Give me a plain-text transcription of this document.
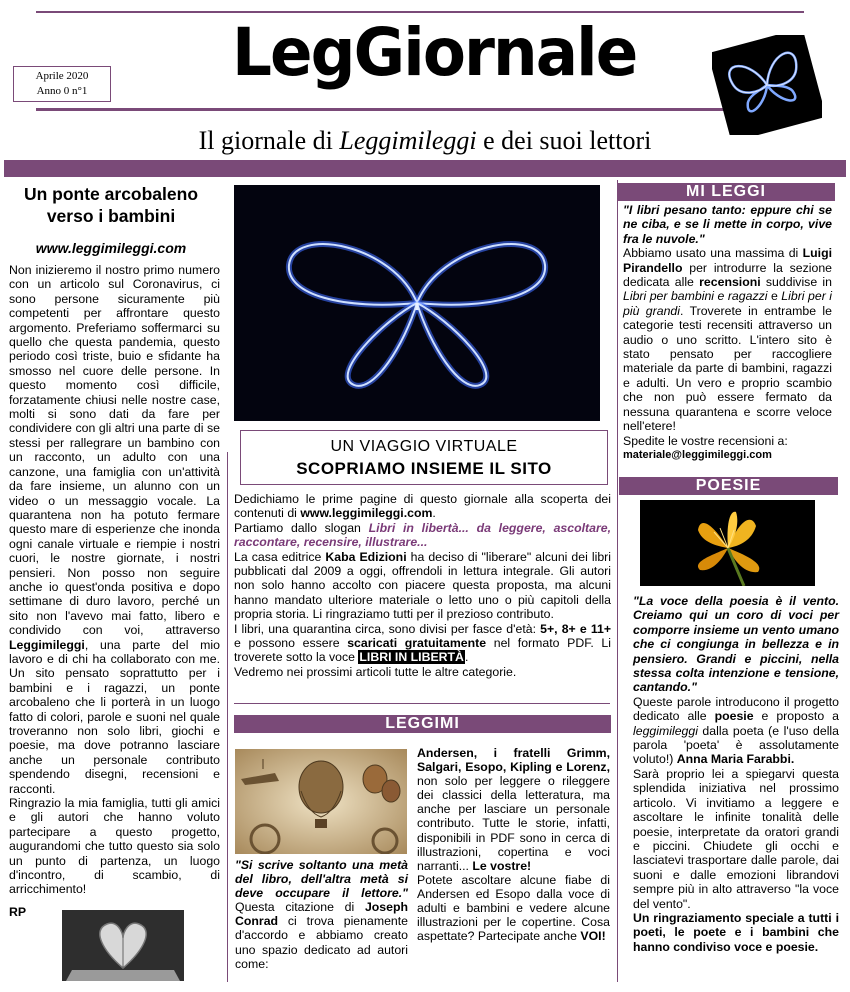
LegGiornale
Aprile 2020
Anno 0 n°1
Il giornale di Leggimileggi e dei suoi lettori
Un ponte arcobaleno verso i bambini
www.leggimileggi.com

Non inizieremo il nostro primo numero con un articolo sul Coronavirus, ci sono persone sicuramente più competenti per affrontare questo argomento. Preferiamo soffermarci su quello che questa pandemia, questo periodo così triste, buio e sfidante ha smosso nel cuore delle persone. In questo momento così difficile, forzatamente chiusi nelle nostre case, molti si sono dati da fare per condividere con gli altri una parte di se stessi per rallegrare un bambino con un racconto, un adulto con una canzone, una famiglia con un'attività da fare insieme, un alunno con un video o un messaggio vocale. La quarantena non ha potuto fermare questo mare di esperienze che inonda ogni canale virtuale e riempie i nostri cuori, le nostre giornate, i nostri pensieri. Non posso non seguire anche io quest'onda positiva e dopo settimane di duro lavoro, perché un sito non l'avevo mai fatto, libero e condivido con voi, attraverso Leggimileggi, una parte del mio lavoro e di chi ha collaborato con me. Un sito pensato soprattutto per i bambini e i ragazzi, un ponte arcobaleno che li porterà in un luogo fatto di colori, parole e suoni nel quale troveranno non solo libri, giochi e poesie, ma dove potranno lasciare anche un personale contributo spendendo disegni, recensioni e racconti.

Ringrazio la mia famiglia, tutti gli amici e gli autori che hanno voluto partecipare a questo progetto, augurandomi che tutto questo sia solo un punto di partenza, un luogo d'incontro, di scambio, di arricchimento!

RP

UN VIAGGIO VIRTUALE
SCOPRIAMO INSIEME IL SITO

Dedichiamo le prime pagine di questo giornale alla scoperta dei contenuti di www.leggimileggi.com.

Partiamo dallo slogan Libri in libertà... da leggere, ascoltare, raccontare, recensire, illustrare...

La casa editrice Kaba Edizioni ha deciso di "liberare" alcuni dei libri pubblicati dal 2009 a oggi, offrendoli in lettura integrale. Gli autori non solo hanno accolto con piacere questa proposta, ma alcuni hanno mandato ulteriore materiale o letto uno o più capitoli della propria storia. Li ringraziamo tutti per il prezioso contributo.

I libri, una quarantina circa, sono divisi per fasce d'età: 5+, 8+ e 11+ e possono essere scaricati gratuitamente nel formato PDF. Li troverete sotto la voce LIBRI IN LIBERTÀ.

Vedremo nei prossimi articoli tutte le altre categorie.

LEGGIMI

"Si scrive soltanto una metà del libro, dell'altra metà si deve occupare il lettore." Questa citazione di Joseph Conrad ci trova pienamente d'accordo e abbiamo creato uno spazio dedicato ad autori come:

Andersen, i fratelli Grimm, Salgari, Esopo, Kipling e Lorenz, non solo per leggere o rileggere dei classici della letteratura, ma anche per lasciare un personale contributo. Tutte le storie, infatti, disponibili in PDF sono in cerca di illustrazioni, copertina e voci narranti... Le vostre!

Potete ascoltare alcune fiabe di Andersen ed Esopo dalla voce di adulti e bambini e vedere alcune illustrazioni per le copertine. Cosa aspettate? Partecipate anche VOI!

MI LEGGI

"I libri pesano tanto: eppure chi se ne ciba, e se li mette in corpo, vive fra le nuvole."

Abbiamo usato una massima di Luigi Pirandello per introdurre la sezione dedicata alle recensioni suddivise in Libri per bambini e ragazzi e Libri per i più grandi. Troverete in entrambe le categorie testi recensiti attraverso un audio o uno scritto. L'intero sito è stato pensato per raccogliere materiale da parte di bambini, ragazzi e adulti. Un vero e proprio scambio che non può essere fermato da nessuna quarantena e scorre veloce nell'etere!

Spedite le vostre recensioni a:

materiale@leggimileggi.com

POESIE

"La voce della poesia è il vento. Creiamo qui un coro di voci per comporre insieme un vento umano che ci congiunga in bellezza e in pensiero. Grandi e piccini, nella stessa colta intenzione e tensione, cantando."

Queste parole introducono il progetto dedicato alle poesie e proposto a leggimileggi dalla poeta (e l'uso della parola 'poeta' è assolutamente voluto!) Anna Maria Farabbi.

Sarà proprio lei a spiegarvi questa splendida iniziativa nel prossimo articolo. Vi invitiamo a leggere e ascoltare le infinite tonalità delle poesie, interpretate da oratori grandi e piccini. Chiudete gli occhi e lasciatevi trasportare dalle parole, dai suoni e dalle emozioni librandovi sempre più in alto attraverso "la voce del vento".

Un ringraziamento speciale a tutti i poeti, le poete e i bambini che hanno condiviso voce e poesie.
